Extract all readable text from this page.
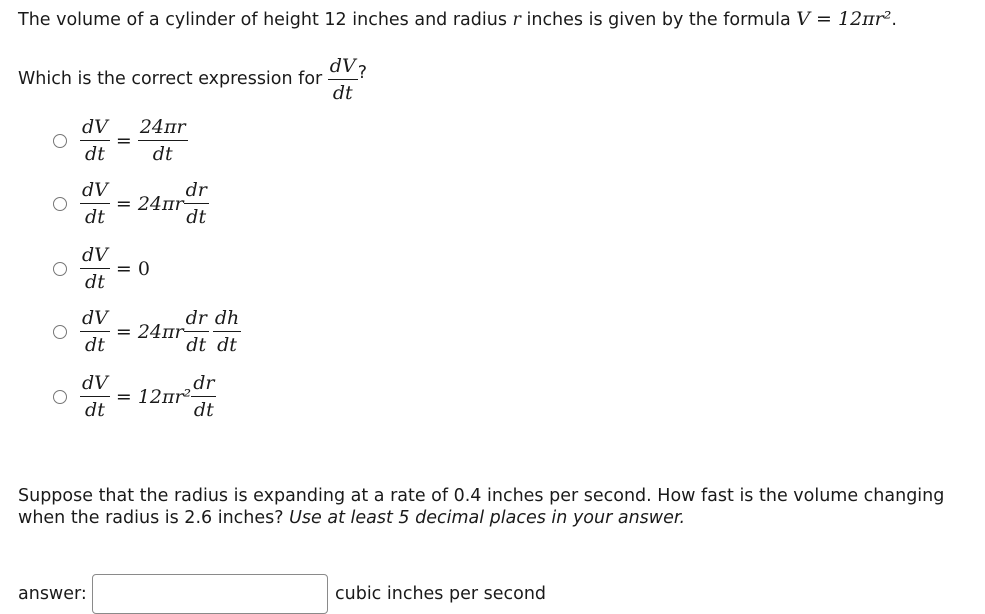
The volume of a cylinder of height 12 inches and radius r inches is given by the formula V = 12πr².
Which is the correct expression for $\frac{dV}{dt}$ ?
$\frac{dV}{dt} = \frac{24\pi r}{dt}$
$\frac{dV}{dt} = 24\pi r \frac{dr}{dt}$
$\frac{dV}{dt} = 0$
$\frac{dV}{dt} = 24\pi r \frac{dr}{dt} \frac{dh}{dt}$
$\frac{dV}{dt} = 12\pi r^2 \frac{dr}{dt}$
Suppose that the radius is expanding at a rate of 0.4 inches per second. How fast is the volume changing
when the radius is 2.6 inches? Use at least 5 decimal places in your answer.
answer:	cubic inches per second
